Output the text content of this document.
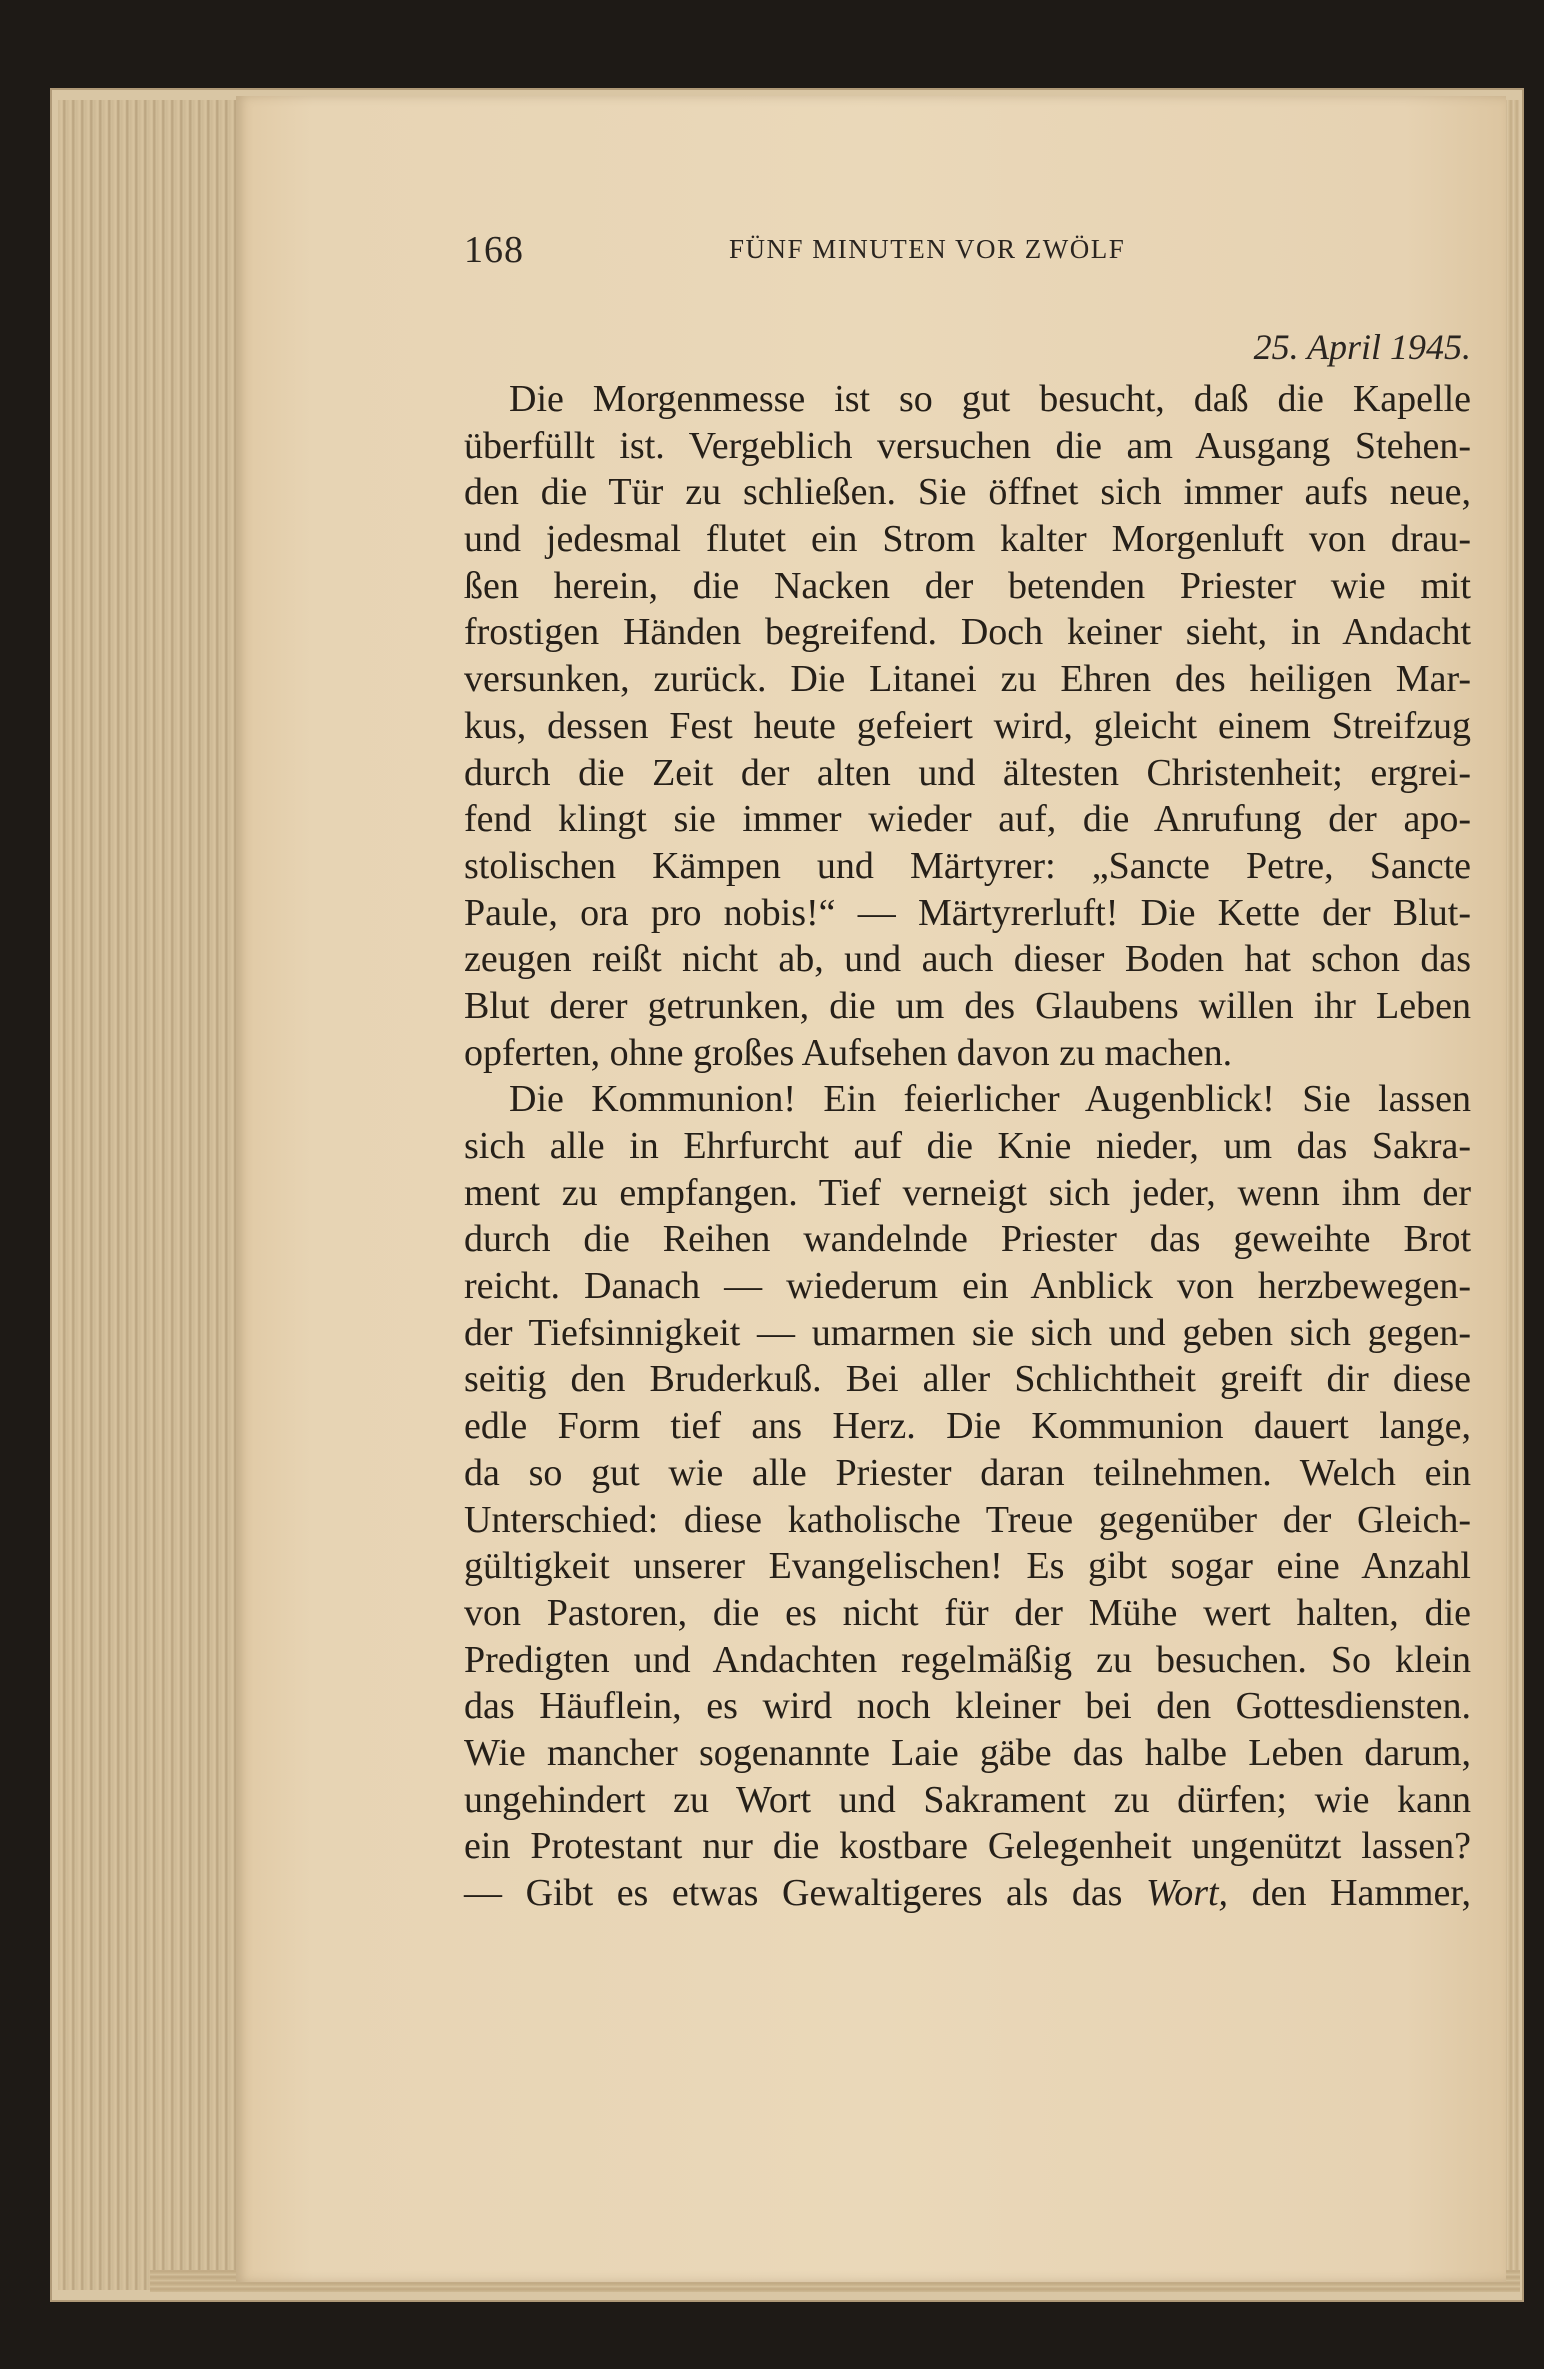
168	FÜNF MINUTEN VOR ZWÖLF
25. April 1945.
Die Morgenmesse ist so gut besucht, daß die Kapelle
überfüllt ist. Vergeblich versuchen die am Ausgang Stehen-
den die Tür zu schließen. Sie öffnet sich immer aufs neue,
und jedesmal flutet ein Strom kalter Morgenluft von drau-
ßen herein, die Nacken der betenden Priester wie mit
frostigen Händen begreifend. Doch keiner sieht, in Andacht
versunken, zurück. Die Litanei zu Ehren des heiligen Mar-
kus, dessen Fest heute gefeiert wird, gleicht einem Streifzug
durch die Zeit der alten und ältesten Christenheit; ergrei-
fend klingt sie immer wieder auf, die Anrufung der apo-
stolischen Kämpen und Märtyrer: „Sancte Petre, Sancte
Paule, ora pro nobis!“ — Märtyrerluft! Die Kette der Blut-
zeugen reißt nicht ab, und auch dieser Boden hat schon das
Blut derer getrunken, die um des Glaubens willen ihr Leben
opferten, ohne großes Aufsehen davon zu machen.
Die Kommunion! Ein feierlicher Augenblick! Sie lassen
sich alle in Ehrfurcht auf die Knie nieder, um das Sakra-
ment zu empfangen. Tief verneigt sich jeder, wenn ihm der
durch die Reihen wandelnde Priester das geweihte Brot
reicht. Danach — wiederum ein Anblick von herzbewegen-
der Tiefsinnigkeit — umarmen sie sich und geben sich gegen-
seitig den Bruderkuß. Bei aller Schlichtheit greift dir diese
edle Form tief ans Herz. Die Kommunion dauert lange,
da so gut wie alle Priester daran teilnehmen. Welch ein
Unterschied: diese katholische Treue gegenüber der Gleich-
gültigkeit unserer Evangelischen! Es gibt sogar eine Anzahl
von Pastoren, die es nicht für der Mühe wert halten, die
Predigten und Andachten regelmäßig zu besuchen. So klein
das Häuflein, es wird noch kleiner bei den Gottesdiensten.
Wie mancher sogenannte Laie gäbe das halbe Leben darum,
ungehindert zu Wort und Sakrament zu dürfen; wie kann
ein Protestant nur die kostbare Gelegenheit ungenützt lassen?
— Gibt es etwas Gewaltigeres als das Wort, den Hammer,
